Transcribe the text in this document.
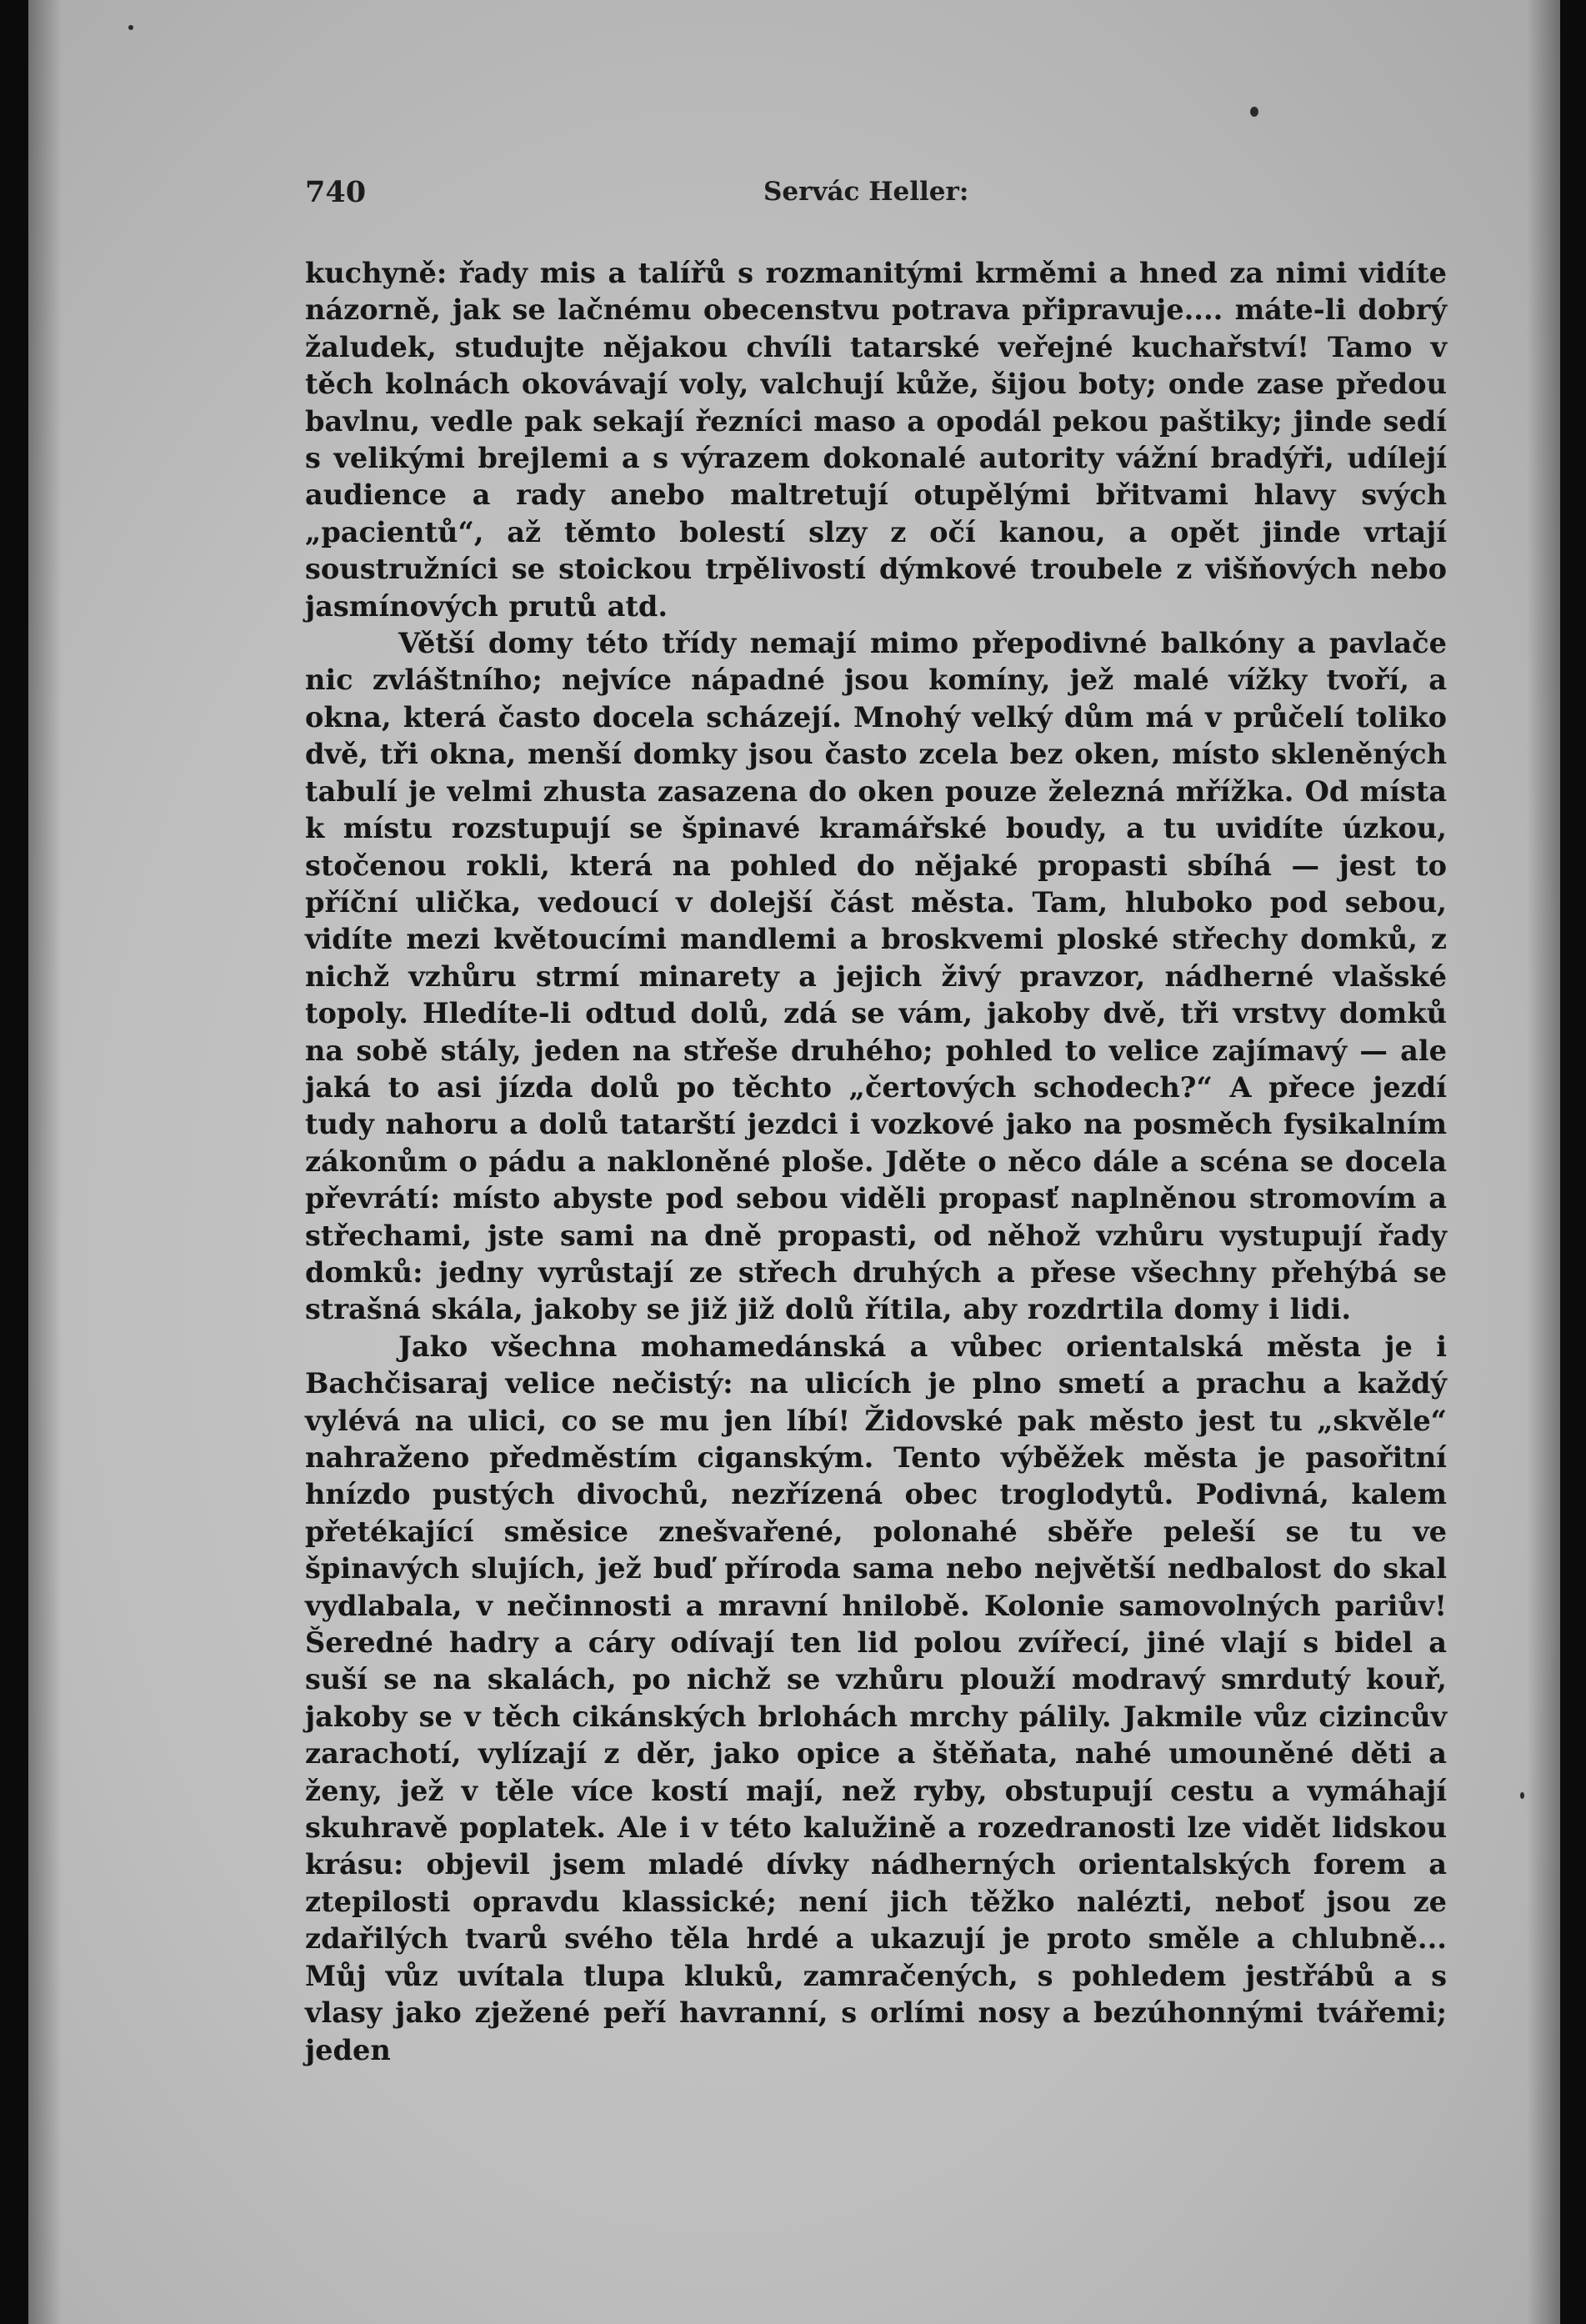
740	Servác Heller:

kuchyně: řady mis a talířů s rozmanitými krměmi a hned za nimi vidíte názorně, jak se lačnému obecenstvu potrava připravuje.... máte-li dobrý žaludek, studujte nějakou chvíli tatarské veřejné kuchařství! Tamo v těch kolnách okovávají voly, valchují kůže, šijou boty; onde zase předou bavlnu, vedle pak sekají řezníci maso a opodál pekou paštiky; jinde sedí s velikými brejlemi a s výrazem dokonalé autority vážní bradýři, udílejí audience a rady anebo maltretují otupělými břitvami hlavy svých „pacientů“, až těmto bolestí slzy z očí kanou, a opět jinde vrtají soustružníci se stoickou trpělivostí dýmkové troubele z višňových nebo jasmínových prutů atd.

Větší domy této třídy nemají mimo přepodivné balkóny a pavlače nic zvláštního; nejvíce nápadné jsou komíny, jež malé vížky tvoří, a okna, která často docela scházejí. Mnohý velký dům má v průčelí toliko dvě, tři okna, menší domky jsou často zcela bez oken, místo skleněných tabulí je velmi zhusta zasazena do oken pouze železná mřížka. Od místa k místu rozstupují se špinavé kramářské boudy, a tu uvidíte úzkou, stočenou rokli, která na pohled do nějaké propasti sbíhá — jest to příční ulička, vedoucí v dolejší část města. Tam, hluboko pod sebou, vidíte mezi květoucími mandlemi a broskvemi ploské střechy domků, z nichž vzhůru strmí minarety a jejich živý pravzor, nádherné vlašské topoly. Hledíte-li odtud dolů, zdá se vám, jakoby dvě, tři vrstvy domků na sobě stály, jeden na střeše druhého; pohled to velice zajímavý — ale jaká to asi jízda dolů po těchto „čertových schodech?“ A přece jezdí tudy nahoru a dolů tatarští jezdci i vozkové jako na posměch fysikalním zákonům o pádu a nakloněné ploše. Jděte o něco dále a scéna se docela převrátí: místo abyste pod sebou viděli propasť naplněnou stromovím a střechami, jste sami na dně propasti, od něhož vzhůru vystupují řady domků: jedny vyrůstají ze střech druhých a přese všechny přehýbá se strašná skála, jakoby se již již dolů řítila, aby rozdrtila domy i lidi.

Jako všechna mohamedánská a vůbec orientalská města je i Bachčisaraj velice nečistý: na ulicích je plno smetí a prachu a každý vylévá na ulici, co se mu jen líbí! Židovské pak město jest tu „skvěle“ nahraženo předměstím ciganským. Tento výběžek města je pasořitní hnízdo pustých divochů, nezřízená obec troglodytů. Podivná, kalem přetékající směsice znešvařené, polonahé sběře peleší se tu ve špinavých slujích, jež buď příroda sama nebo největší nedbalost do skal vydlabala, v nečinnosti a mravní hnilobě. Kolonie samovolných pariův! Šeredné hadry a cáry odívají ten lid polou zvířecí, jiné vlají s bidel a suší se na skalách, po nichž se vzhůru plouží modravý smrdutý kouř, jakoby se v těch cikánských brlohách mrchy pálily. Jakmile vůz cizincův zarachotí, vylízají z děr, jako opice a štěňata, nahé umouněné děti a ženy, jež v těle více kostí mají, než ryby, obstupují cestu a vymáhají skuhravě poplatek. Ale i v této kalužině a rozedranosti lze vidět lidskou krásu: objevil jsem mladé dívky nádherných orientalských forem a ztepilosti opravdu klassické; není jich těžko nalézti, neboť jsou ze zdařilých tvarů svého těla hrdé a ukazují je proto směle a chlubně... Můj vůz uvítala tlupa kluků, zamračených, s pohledem jestřábů a s vlasy jako zježené peří havranní, s orlími nosy a bezúhonnými tvářemi; jeden
